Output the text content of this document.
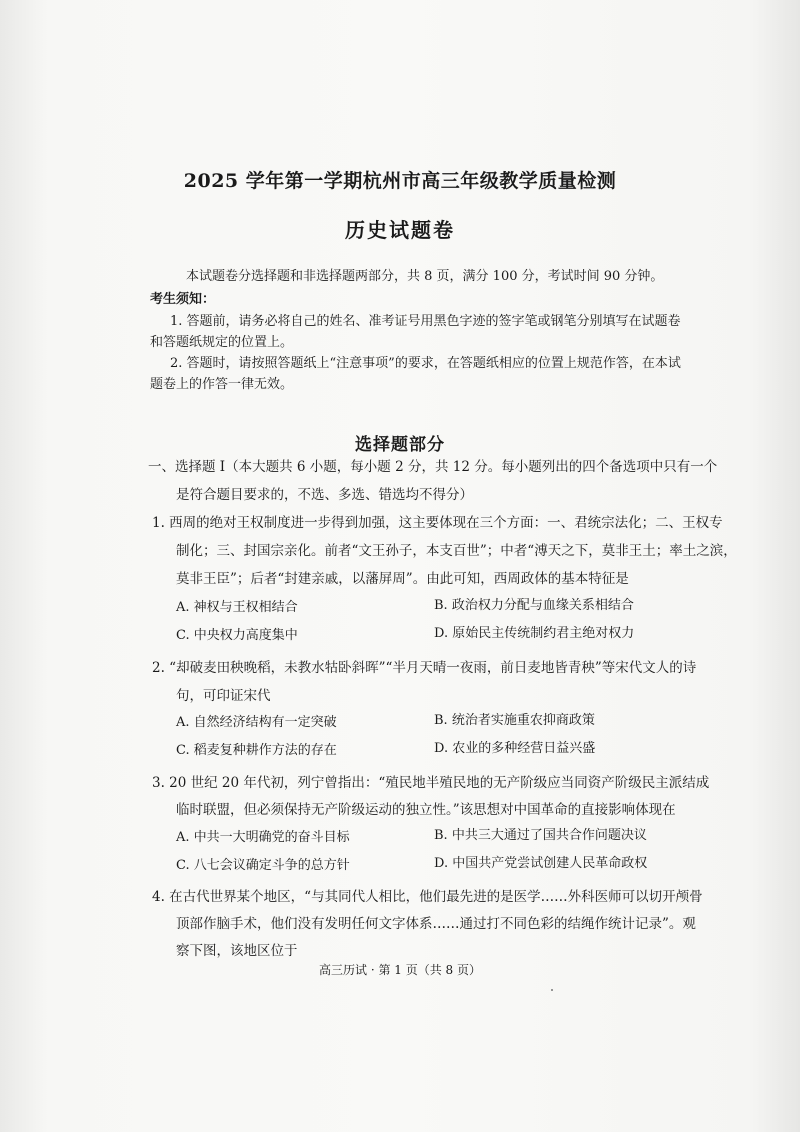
2025 学年第一学期杭州市高三年级教学质量检测
历史试题卷
本试题卷分选择题和非选择题两部分，共 8 页，满分 100 分，考试时间 90 分钟。
考生须知：
1. 答题前，请务必将自己的姓名、准考证号用黑色字迹的签字笔或钢笔分别填写在试题卷
和答题纸规定的位置上。
2. 答题时，请按照答题纸上“注意事项”的要求，在答题纸相应的位置上规范作答，在本试
题卷上的作答一律无效。
选择题部分
一、选择题 Ⅰ（本大题共 6 小题，每小题 2 分，共 12 分。每小题列出的四个备选项中只有一个
是符合题目要求的，不选、多选、错选均不得分）
1. 西周的绝对王权制度进一步得到加强，这主要体现在三个方面：一、君统宗法化；二、王权专
制化；三、封国宗亲化。前者“文王孙子，本支百世”；中者“溥天之下，莫非王土；率土之滨，
莫非王臣”；后者“封建亲戚，以藩屏周”。由此可知，西周政体的基本特征是
A. 神权与王权相结合	B. 政治权力分配与血缘关系相结合
C. 中央权力高度集中	D. 原始民主传统制约君主绝对权力
2. “却破麦田秧晚稻，未教水牯卧斜晖”“半月天晴一夜雨，前日麦地皆青秧”等宋代文人的诗
句，可印证宋代
A. 自然经济结构有一定突破	B. 统治者实施重农抑商政策
C. 稻麦复种耕作方法的存在	D. 农业的多种经营日益兴盛
3. 20 世纪 20 年代初，列宁曾指出：“殖民地半殖民地的无产阶级应当同资产阶级民主派结成
临时联盟，但必须保持无产阶级运动的独立性。”该思想对中国革命的直接影响体现在
A. 中共一大明确党的奋斗目标	B. 中共三大通过了国共合作问题决议
C. 八七会议确定斗争的总方针	D. 中国共产党尝试创建人民革命政权
4. 在古代世界某个地区，“与其同代人相比，他们最先进的是医学……外科医师可以切开颅骨
顶部作脑手术，他们没有发明任何文字体系……通过打不同色彩的结绳作统计记录”。观
察下图，该地区位于
高三历试 · 第 1 页（共 8 页）
